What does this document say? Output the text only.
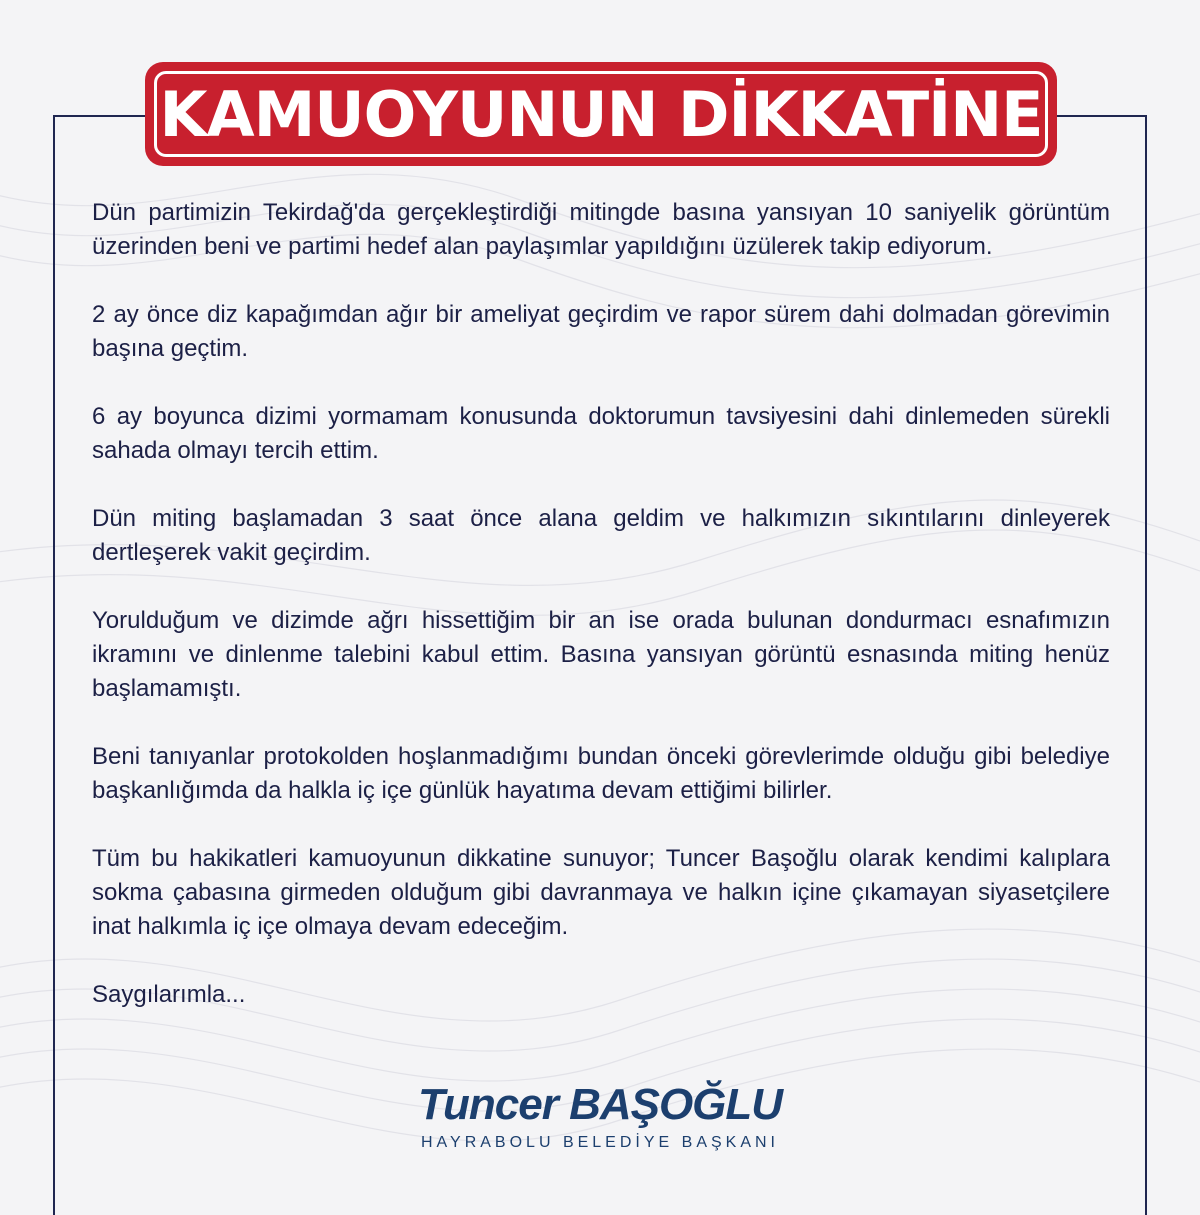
KAMUOYUNUN DİKKATİNE

Dün partimizin Tekirdağ'da gerçekleştirdiği mitingde basına yansıyan 10 saniyelik görüntüm üzerinden beni ve partimi hedef alan paylaşımlar yapıldığını üzülerek takip ediyorum.

2 ay önce diz kapağımdan ağır bir ameliyat geçirdim ve rapor sürem dahi dolmadan görevimin başına geçtim.

6 ay boyunca dizimi yormamam konusunda doktorumun tavsiyesini dahi dinlemeden sürekli sahada olmayı tercih ettim.

Dün miting başlamadan 3 saat önce alana geldim ve halkımızın sıkıntılarını dinleyerek dertleşerek vakit geçirdim.

Yorulduğum ve dizimde ağrı hissettiğim bir an ise orada bulunan dondurmacı esnafımızın ikramını ve dinlenme talebini kabul ettim. Basına yansıyan görüntü esnasında miting henüz başlamamıştı.

Beni tanıyanlar protokolden hoşlanmadığımı bundan önceki görevlerimde olduğu gibi belediye başkanlığımda da halkla iç içe günlük hayatıma devam ettiğimi bilirler.

Tüm bu hakikatleri kamuoyunun dikkatine sunuyor; Tuncer Başoğlu olarak kendimi kalıplara sokma çabasına girmeden olduğum gibi davranmaya ve halkın içine çıkamayan siyasetçilere inat halkımla iç içe olmaya devam edeceğim.

Saygılarımla...

Tuncer BAŞOĞLU
HAYRABOLU BELEDİYE BAŞKANI
